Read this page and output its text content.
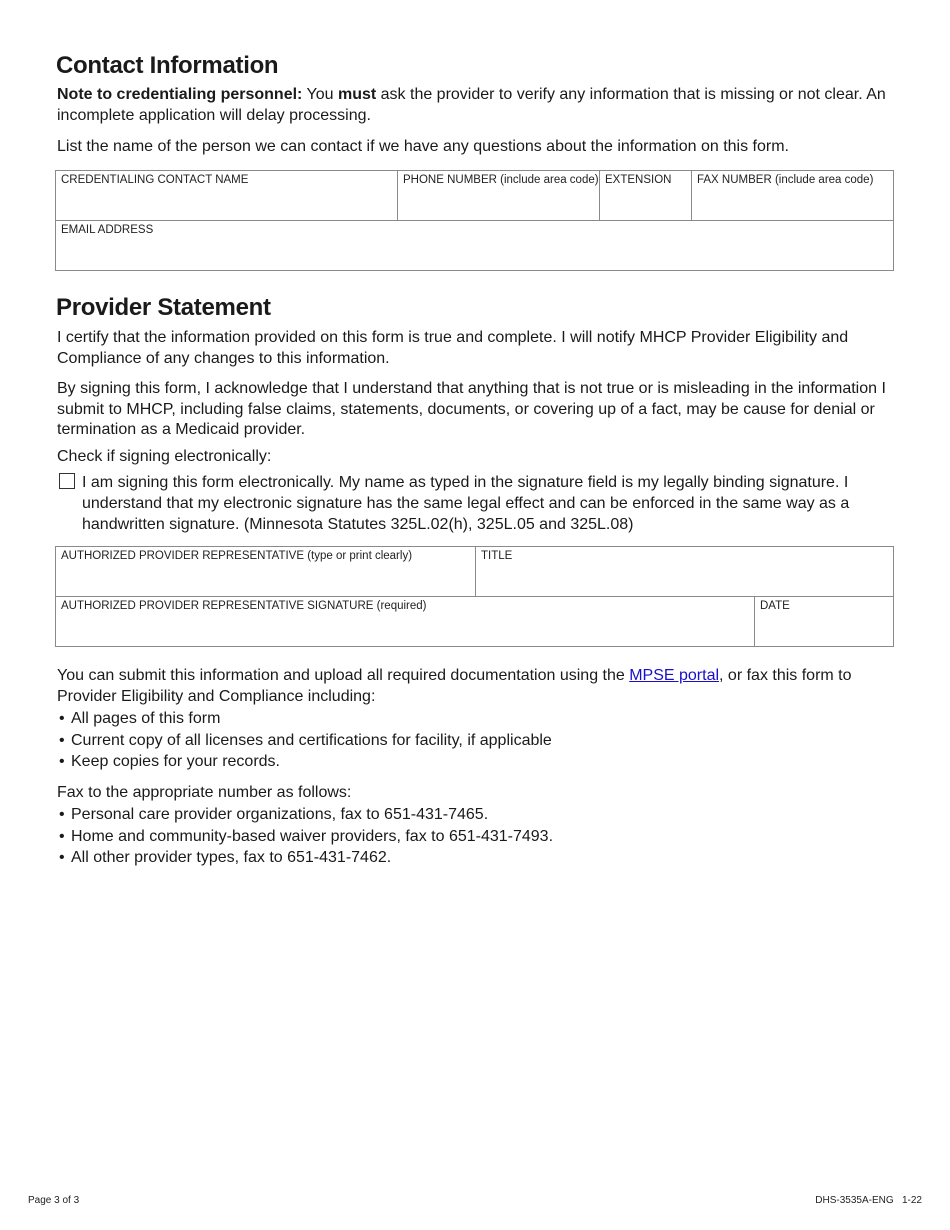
Contact Information

Note to credentialing personnel: You must ask the provider to verify any information that is missing or not clear. An incomplete application will delay processing.

List the name of the person we can contact if we have any questions about the information on this form.

CREDENTIALING CONTACT NAME	PHONE NUMBER (include area code) EXTENSION	FAX NUMBER (include area code)
EMAIL ADDRESS
Provider Statement

I certify that the information provided on this form is true and complete. I will notify MHCP Provider Eligibility and Compliance of any changes to this information.

By signing this form, I acknowledge that I understand that anything that is not true or is misleading in the information I submit to MHCP, including false claims, statements, documents, or covering up of a fact, may be cause for denial or termination as a Medicaid provider.

Check if signing electronically:

I am signing this form electronically. My name as typed in the signature field is my legally binding signature. I understand that my electronic signature has the same legal effect and can be enforced in the same way as a handwritten signature. (Minnesota Statutes 325L.02(h), 325L.05 and 325L.08)

AUTHORIZED PROVIDER REPRESENTATIVE (type or print clearly)	TITLE
AUTHORIZED PROVIDER REPRESENTATIVE SIGNATURE (required)	DATE

You can submit this information and upload all required documentation using the MPSE portal, or fax this form to Provider Eligibility and Compliance including:

• All pages of this form
• Current copy of all licenses and certifications for facility, if applicable
• Keep copies for your records.

Fax to the appropriate number as follows:

• Personal care provider organizations, fax to 651-431-7465.
• Home and community-based waiver providers, fax to 651-431-7493.
• All other provider types, fax to 651-431-7462.
Page 3 of 3	DHS-3535A-ENG   1-22
